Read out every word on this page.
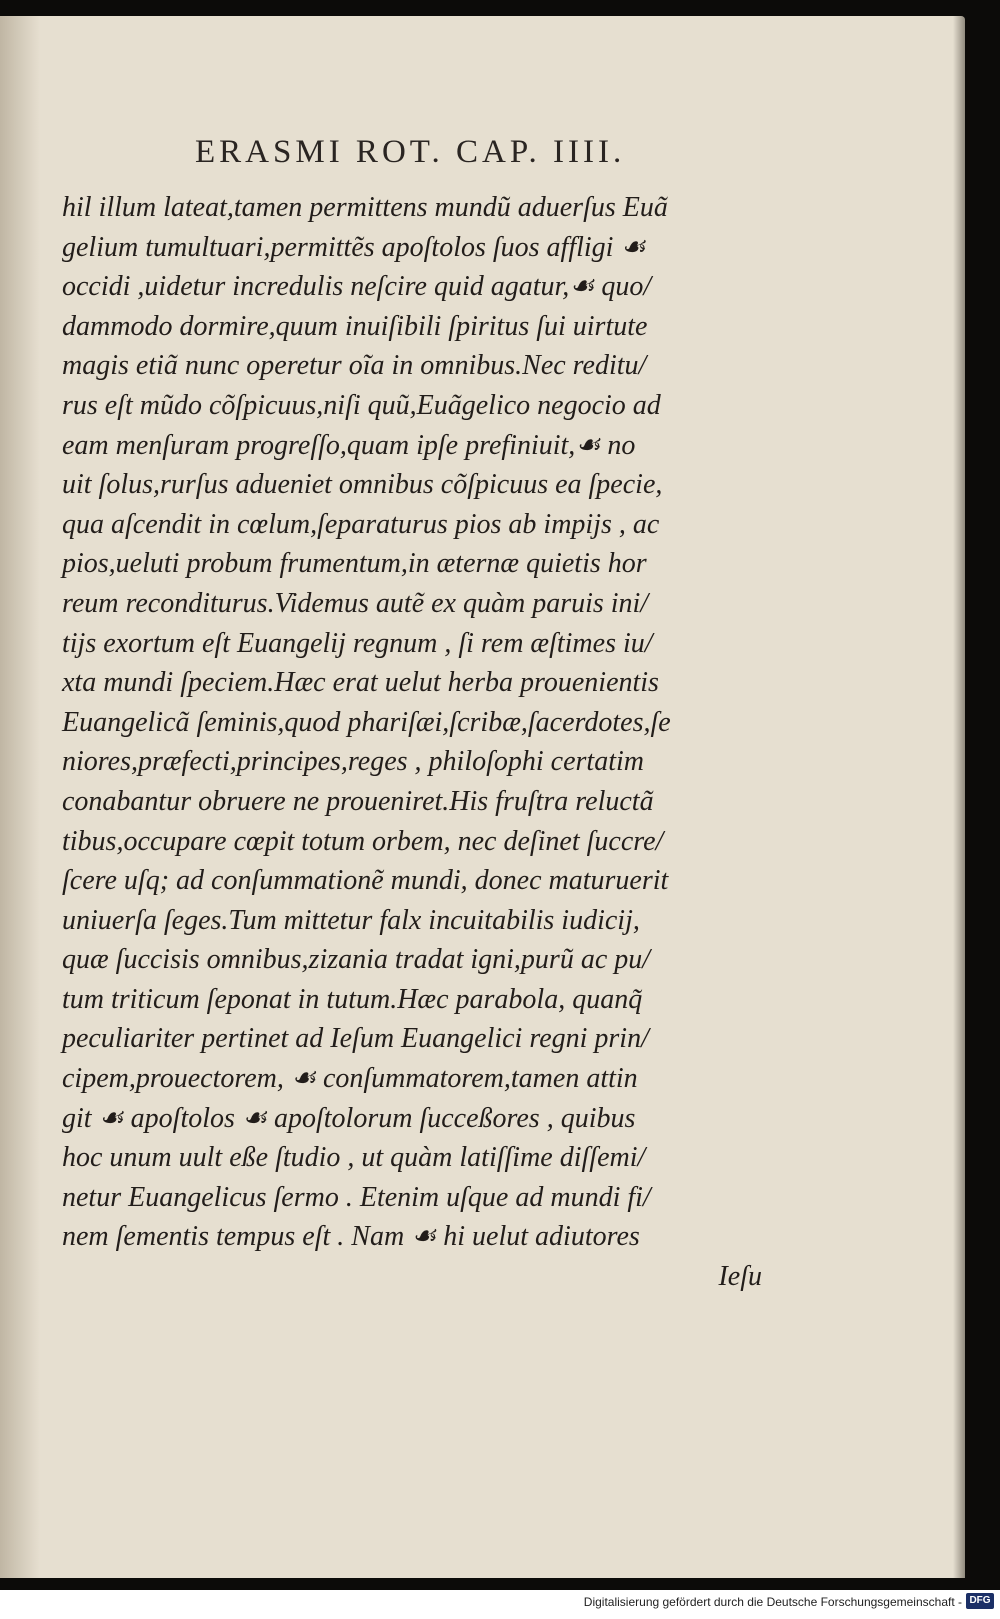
ERASMI ROT. CAP. IIII.
hil illum lateat,tamen permittens mundũ aduerſus Euã
gelium tumultuari,permittẽs apoſtolos ſuos affligi ☙
occidi ,uidetur incredulis neſcire quid agatur,☙ quo/
dammodo dormire,quum inuiſibili ſpiritus ſui uirtute
magis etiã nunc operetur oĩa in omnibus.Nec reditu/
rus eſt mũdo cõſpicuus,niſi quũ,Euãgelico negocio ad
eam menſuram progreſſo,quam ipſe prefiniuit,☙ no
uit ſolus,rurſus adueniet omnibus cõſpicuus ea ſpecie,
qua aſcendit in cœlum,ſeparaturus pios ab impijs , ac
pios,ueluti probum frumentum,in æternæ quietis hor
reum reconditurus.Videmus autẽ ex quàm paruis ini/
tijs exortum eſt Euangelij regnum , ſi rem æſtimes iu/
xta mundi ſpeciem.Hæc erat uelut herba prouenientis
Euangelicã ſeminis,quod phariſæi,ſcribæ,ſacerdotes,ſe
niores,præfecti,principes,reges , philoſophi certatim
conabantur obruere ne proueniret.His fruſtra reluctã
tibus,occupare cœpit totum orbem, nec deſinet ſuccre/
ſcere uſq; ad conſummationẽ mundi, donec maturuerit
uniuerſa ſeges.Tum mittetur falx incuitabilis iudicij,
quæ ſuccisis omnibus,zizania tradat igni,purũ ac pu/
tum triticum ſeponat in tutum.Hæc parabola, quanq̃
peculiariter pertinet ad Ieſum Euangelici regni prin/
cipem,prouectorem, ☙ conſummatorem,tamen attin
git ☙ apoſtolos ☙ apoſtolorum ſucceßores , quibus
hoc unum uult eße ſtudio , ut quàm latiſſime diſſemi/
netur Euangelicus ſermo . Etenim uſque ad mundi fi/
nem ſementis tempus eſt . Nam ☙ hi uelut adiutores
Ieſu
Digitalisierung gefördert durch die Deutsche Forschungsgemeinschaft - DFG
